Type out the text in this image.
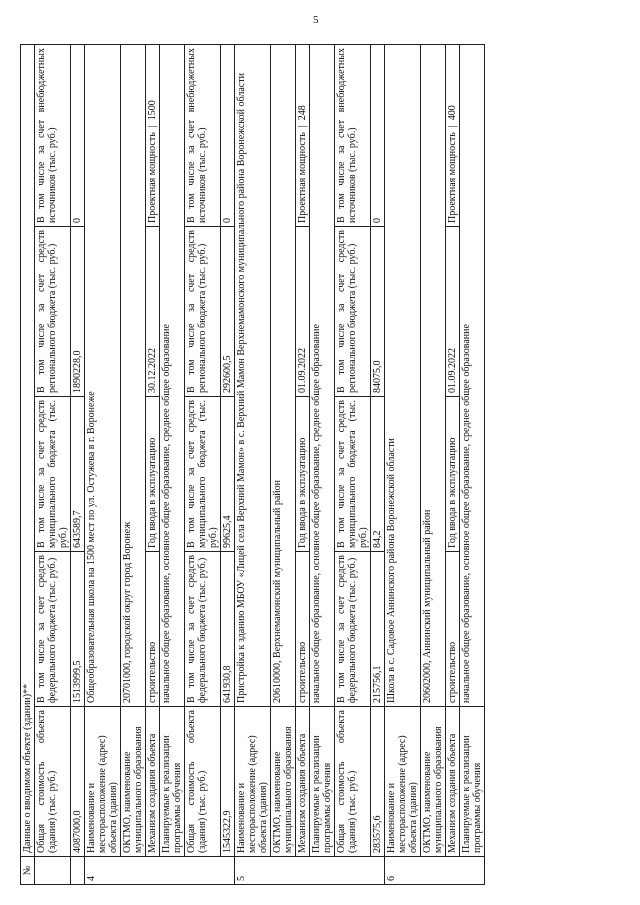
5
№	Данные о вводимом объекте (здании)**				
	Общая стоимость объекта (здания) (тыс. руб.)	В том числе за счет средств федерального бюджета (тыс. руб.)	В том числе за счет средств муниципального бюджета (тыс. руб.)	В том числе за счет средств регионального бюджета (тыс. руб.)	В том числе за счет внебюджетных источников (тыс. руб.)
	4087000,0	1513999,5	643589,7	1890228,0	0
4	Наименование и месторасположение (адрес) объекта (здания)	Общеобразовательная школа на 1500 мест по ул. Остужева в г. Воронеже			
	ОКТМО, наименование муниципального образования	20701000, городской округ город Воронеж			
	Механизм создания объекта	строительство	Год ввода в эксплуатацию	30.12.2022	Проектная мощность  |  1500
	Планируемые к реализации программы обучения	начальное общее образование, основное общее образование, среднее общее образование			
	Общая стоимость объекта (здания) (тыс. руб.)	В том числе за счет средств федерального бюджета (тыс. руб.)	В том числе за счет средств муниципального бюджета (тыс. руб.)	В том числе за счет средств регионального бюджета (тыс. руб.)	В том числе за счет внебюджетных источников (тыс. руб.)
	1545322,9	641930,8	99625,4	292600,5	0
5	Наименование и месторасположение (адрес) объекта (здания)	Пристройка к зданию МБОУ «Лицей села Верхний Мамон» в с. Верхний Мамон Верхнемамонского муниципального района Воронежской области			
	ОКТМО, наименование муниципального образования	20610000, Верхнемамонский муниципальный район			
	Механизм создания объекта	строительство	Год ввода в эксплуатацию	01.09.2022	Проектная мощность  |  248
	Планируемые к реализации программы обучения	начальное общее образование, основное общее образование, среднее общее образование			
	Общая стоимость объекта (здания) (тыс. руб.)	В том числе за счет средств федерального бюджета (тыс. руб.)	В том числе за счет средств муниципального бюджета (тыс. руб.)	В том числе за счет средств регионального бюджета (тыс. руб.)	В том числе за счет внебюджетных источников (тыс. руб.)
	283575,6	215756,1	84,2	84075,0	0
6	Наименование и месторасположение (адрес) объекта (здания)	Школа в с. Садовое Аннинского района Воронежской области			
	ОКТМО, наименование муниципального образования	20602000, Аннинский муниципальный район			
	Механизм создания объекта	строительство	Год ввода в эксплуатацию	01.09.2022	Проектная мощность  |  400
	Планируемые к реализации программы обучения	начальное общее образование, основное общее образование, среднее общее образование			
